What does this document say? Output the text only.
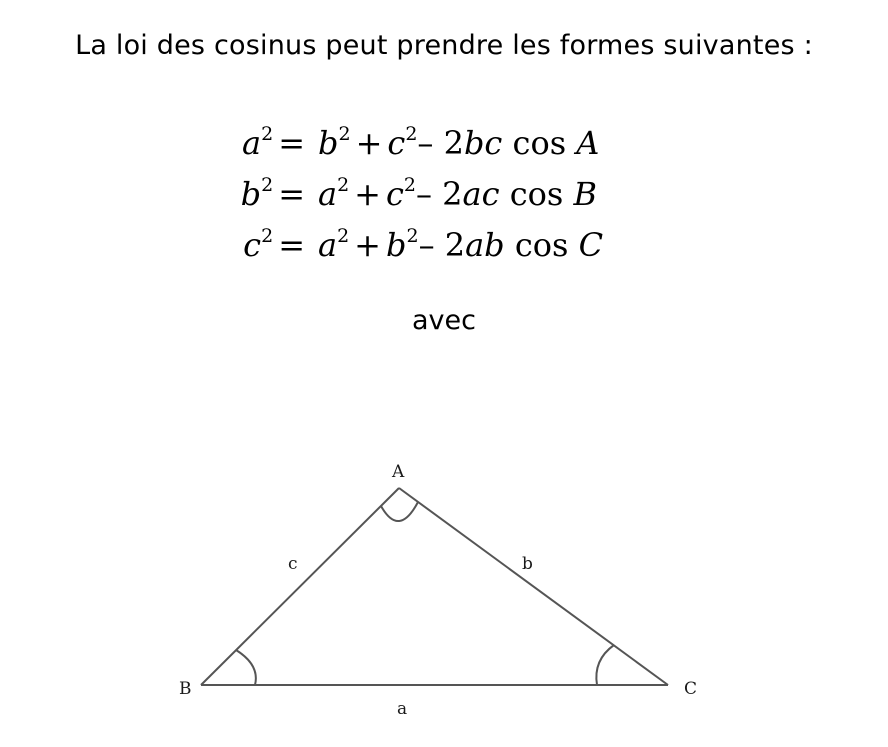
La loi des cosinus peut prendre les formes suivantes :
$a^2 = b^2 + c^2-$ 2bc cos A
$b^2 = a^2 + c^2-$ 2ac cos B
$c^2 = a^2 + b^2-$ 2ab cos C
avec
A
B	C
c	b
a
